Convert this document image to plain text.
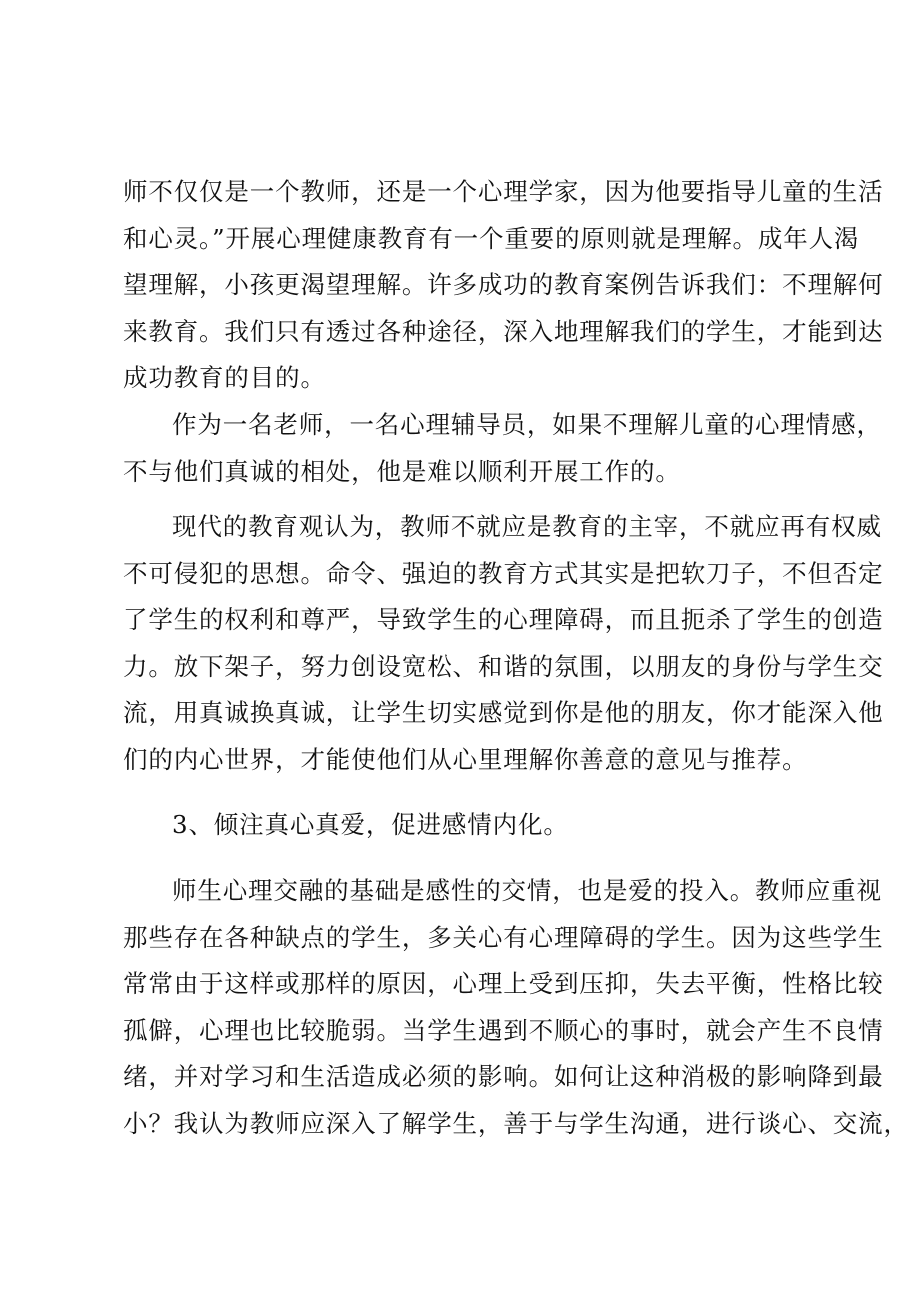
师不仅仅是一个教师，还是一个心理学家，因为他要指导儿童的生活
和心灵。”开展心理健康教育有一个重要的原则就是理解。成年人渴
望理解，小孩更渴望理解。许多成功的教育案例告诉我们：不理解何
来教育。我们只有透过各种途径，深入地理解我们的学生，才能到达
成功教育的目的。
作为一名老师，一名心理辅导员，如果不理解儿童的心理情感，
不与他们真诚的相处，他是难以顺利开展工作的。
现代的教育观认为，教师不就应是教育的主宰，不就应再有权威
不可侵犯的思想。命令、强迫的教育方式其实是把软刀子，不但否定
了学生的权利和尊严，导致学生的心理障碍，而且扼杀了学生的创造
力。放下架子，努力创设宽松、和谐的氛围，以朋友的身份与学生交
流，用真诚换真诚，让学生切实感觉到你是他的朋友，你才能深入他
们的内心世界，才能使他们从心里理解你善意的意见与推荐。
3、倾注真心真爱，促进感情内化。
师生心理交融的基础是感性的交情，也是爱的投入。教师应重视
那些存在各种缺点的学生，多关心有心理障碍的学生。因为这些学生
常常由于这样或那样的原因，心理上受到压抑，失去平衡，性格比较
孤僻，心理也比较脆弱。当学生遇到不顺心的事时，就会产生不良情
绪，并对学习和生活造成必须的影响。如何让这种消极的影响降到最
小？我认为教师应深入了解学生，善于与学生沟通，进行谈心、交流，
